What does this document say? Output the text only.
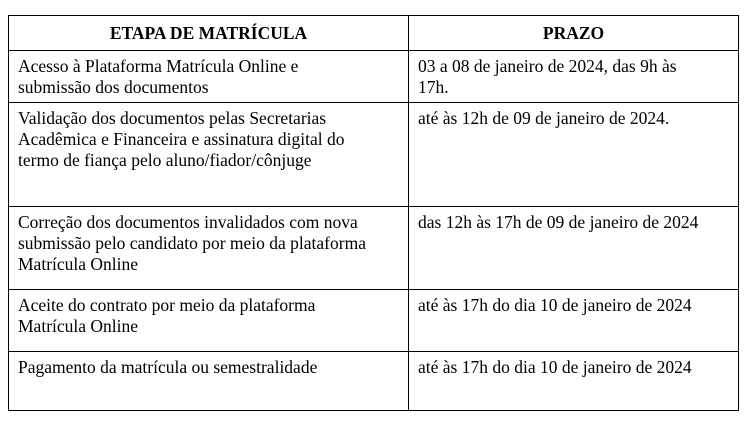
ETAPA DE MATRÍCULA	PRAZO
Acesso à Plataforma Matrícula Online e submissão dos documentos	03 a 08 de janeiro de 2024, das 9h às 17h.
Validação dos documentos pelas Secretarias Acadêmica e Financeira e assinatura digital do termo de fiança pelo aluno/fiador/cônjuge	até às 12h de 09 de janeiro de 2024.
Correção dos documentos invalidados com nova submissão pelo candidato por meio da plataforma Matrícula Online	das 12h às 17h de 09 de janeiro de 2024
Aceite do contrato por meio da plataforma Matrícula Online	até às 17h do dia 10 de janeiro de 2024
Pagamento da matrícula ou semestralidade	até às 17h do dia 10 de janeiro de 2024
